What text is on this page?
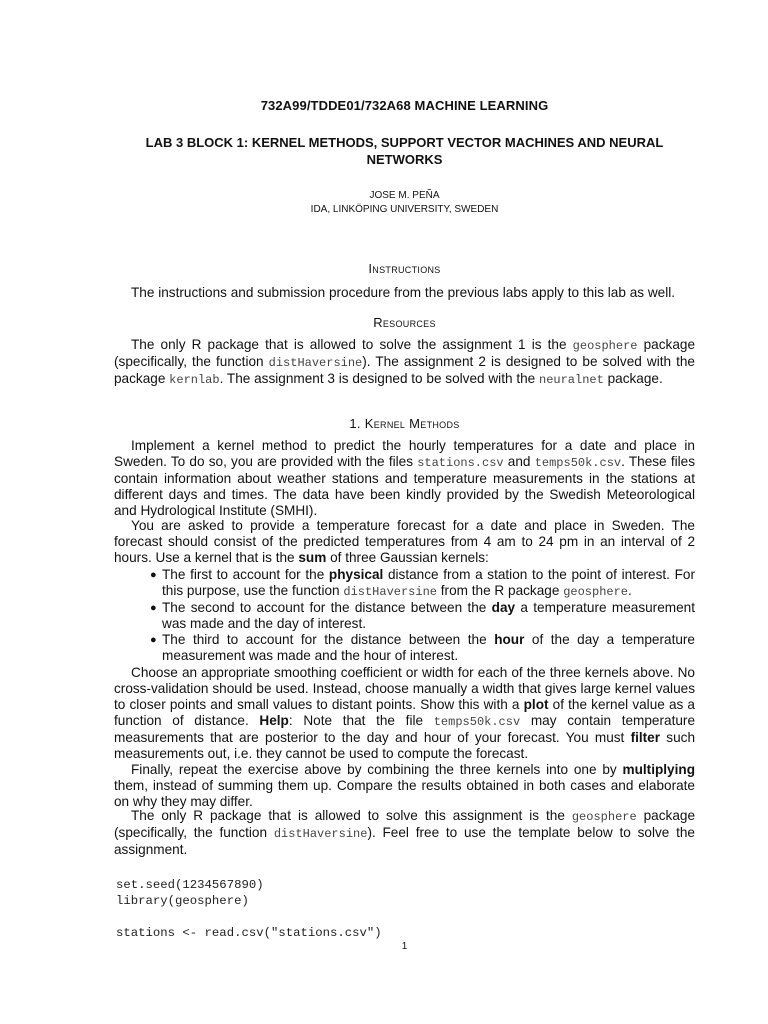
732A99/TDDE01/732A68 MACHINE LEARNING
LAB 3 BLOCK 1: KERNEL METHODS, SUPPORT VECTOR MACHINES AND NEURAL
NETWORKS
JOSE M. PEÑA
IDA, LINKÖPING UNIVERSITY, SWEDEN
Instructions
The instructions and submission procedure from the previous labs apply to this lab as well.
Resources
The only R package that is allowed to solve the assignment 1 is the geosphere package (specifically, the function distHaversine). The assignment 2 is designed to be solved with the package kernlab. The assignment 3 is designed to be solved with the neuralnet package.
1. Kernel Methods
Implement a kernel method to predict the hourly temperatures for a date and place in Sweden. To do so, you are provided with the files stations.csv and temps50k.csv. These files contain information about weather stations and temperature measurements in the stations at different days and times. The data have been kindly provided by the Swedish Meteorological and Hydrological Institute (SMHI).
You are asked to provide a temperature forecast for a date and place in Sweden. The forecast should consist of the predicted temperatures from 4 am to 24 pm in an interval of 2 hours. Use a kernel that is the sum of three Gaussian kernels:
● The first to account for the physical distance from a station to the point of interest. For this purpose, use the function distHaversine from the R package geosphere.
● The second to account for the distance between the day a temperature measurement was made and the day of interest.
● The third to account for the distance between the hour of the day a temperature measurement was made and the hour of interest.
Choose an appropriate smoothing coefficient or width for each of the three kernels above. No cross-validation should be used. Instead, choose manually a width that gives large kernel values to closer points and small values to distant points. Show this with a plot of the kernel value as a function of distance. Help: Note that the file temps50k.csv may contain temperature measurements that are posterior to the day and hour of your forecast. You must filter such measurements out, i.e. they cannot be used to compute the forecast.
Finally, repeat the exercise above by combining the three kernels into one by multiplying them, instead of summing them up. Compare the results obtained in both cases and elaborate on why they may differ.
The only R package that is allowed to solve this assignment is the geosphere package (specifically, the function distHaversine). Feel free to use the template below to solve the assignment.
set.seed(1234567890)
library(geosphere)
stations <- read.csv("stations.csv")
1
